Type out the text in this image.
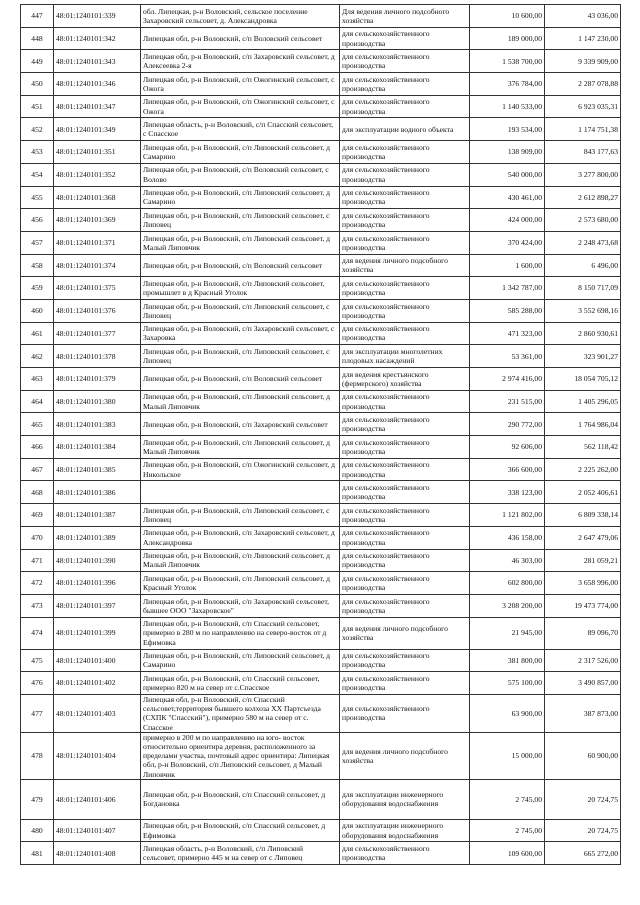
447	48:01:1240101:339	обл. Липецкая, р-н Воловский, сельское поселение Захаровский сельсовет, д. Александровка	Для ведения личного подсобного хозяйства	10 600,00	43 036,00
448	48:01:1240101:342	Липецкая обл, р-н Воловский, с/п Воловский сельсовет	для сельскохозяйственного производства	189 000,00	1 147 230,00
449	48:01:1240101:343	Липецкая обл, р-н Воловский, с/п Захаровский сельсовет, д Алексеевка 2-я	для сельскохозяйственного производства	1 538 700,00	9 339 909,00
450	48:01:1240101:346	Липецкая обл, р-н Воловский, с/п Ожогинский сельсовет, с Ожога	для сельскохозяйственного производства	376 784,00	2 287 078,88
451	48:01:1240101:347	Липецкая обл, р-н Воловский, с/п Ожогинский сельсовет, с Ожога	для сельскохозяйственного производства	1 140 533,00	6 923 035,31
452	48:01:1240101:349	Липецкая область, р-н Воловский, с/п Спасский сельсовет, с Спасское	для эксплуатации водного объекта	193 534,00	1 174 751,38
453	48:01:1240101:351	Липецкая обл, р-н Воловский, с/п Липовский сельсовет, д Самарино	для сельскохозяйственного производства	138 909,00	843 177,63
454	48:01:1240101:352	Липецкая обл, р-н Воловский, с/п Воловский сельсовет, с Волово	для сельскохозяйственного производства	540 000,00	3 277 800,00
455	48:01:1240101:368	Липецкая обл, р-н Воловский, с/п Липовский сельсовет, д Самарино	для сельскохозяйственного производства	430 461,00	2 612 898,27
456	48:01:1240101:369	Липецкая обл, р-н Воловский, с/п Липовский сельсовет, с Липовец	для сельскохозяйственного производства	424 000,00	2 573 680,00
457	48:01:1240101:371	Липецкая обл, р-н Воловский, с/п Липовский сельсовет, д Малый Липовчик	для сельскохозяйственного производства	370 424,00	2 248 473,68
458	48:01:1240101:374	Липецкая обл, р-н Воловский, с/п Воловский сельсовет	для ведения личного подсобного хозяйства	1 600,00	6 496,00
459	48:01:1240101:375	Липецкая обл, р-н Воловский, с/п Липовский сельсовет, промышлет в д Красный Уголок	для сельскохозяйственного производства	1 342 787,00	8 150 717,09
460	48:01:1240101:376	Липецкая обл, р-н Воловский, с/п Липовский сельсовет, с Липовец	для сельскохозяйственного производства	585 288,00	3 552 698,16
461	48:01:1240101:377	Липецкая обл, р-н Воловский, с/п Захаровский сельсовет, с Захаровка	для сельскохозяйственного производства	471 323,00	2 860 930,61
462	48:01:1240101:378	Липецкая обл, р-н Воловский, с/п Липовский сельсовет, с Липовец	для эксплуатации многолетних плодовых насаждений	53 361,00	323 901,27
463	48:01:1240101:379	Липецкая обл, р-н Воловский, с/п Воловский сельсовет	для ведения крестьянского (фермерского) хозяйства	2 974 416,00	18 054 705,12
464	48:01:1240101:380	Липецкая обл, р-н Воловский, с/п Липовский сельсовет, д Малый Липовчик	для сельскохозяйственного производства	231 515,00	1 405 296,05
465	48:01:1240101:383	Липецкая обл, р-н Воловский, с/п Захаровский сельсовет	для сельскохозяйственного производства	290 772,00	1 764 986,04
466	48:01:1240101:384	Липецкая обл, р-н Воловский, с/п Липовский сельсовет, д Малый Липовчик	для сельскохозяйственного производства	92 606,00	562 118,42
467	48:01:1240101:385	Липецкая обл, р-н Воловский, с/п Ожогинский сельсовет, д Никольское	для сельскохозяйственного производства	366 600,00	2 225 262,00
468	48:01:1240101:386		для сельскохозяйственного производства	338 123,00	2 052 406,61
469	48:01:1240101:387	Липецкая обл, р-н Воловский, с/п Липовский сельсовет, с Липовец	для сельскохозяйственного производства	1 121 802,00	6 809 338,14
470	48:01:1240101:389	Липецкая обл, р-н Воловский, с/п Захаровский сельсовет, д Александровка	для сельскохозяйственного производства	436 158,00	2 647 479,06
471	48:01:1240101:390	Липецкая обл, р-н Воловский, с/п Липовский сельсовет, д Малый Липовчик	для сельскохозяйственного производства	46 303,00	281 059,21
472	48:01:1240101:396	Липецкая обл, р-н Воловский, с/п Липовский сельсовет, д Красный Уголок	для сельскохозяйственного производства	602 800,00	3 658 996,00
473	48:01:1240101:397	Липецкая обл, р-н Воловский, с/п Захаровский сельсовет, бывшее ООО "Захаровское"	для сельскохозяйственного производства	3 208 200,00	19 473 774,00
474	48:01:1240101:399	Липецкая обл, р-н Воловский, с/п Спасский сельсовет, примерно в 280 м по направлению на северо-восток от д Ефимовка	для ведения личного подсобного хозяйства	21 945,00	89 096,70
475	48:01:1240101:400	Липецкая обл, р-н Воловский, с/п Липовский сельсовет, д Самарино	для сельскохозяйственного производства	381 800,00	2 317 526,00
476	48:01:1240101:402	Липецкая обл, р-н Воловский, с/п Спасский сельсовет, примерно 820 м на север от с.Спасское	для сельскохозяйственного производства	575 100,00	3 490 857,00
477	48:01:1240101:403	Липецкая обл, р-н Воловский, с/п Спасский сельсовет,территория бывшего колхоза XX Партсъезда (СХПК "Спасский"), примерно 580 м на север от с. Спасское	для сельскохозяйственного производства	63 900,00	387 873,00
478	48:01:1240101:404	примерно в 200 м по направлению на юго- восток относительно ориентира деревня, расположенного за пределами участка, почтовый адрес ориентира: Липецкая обл, р-н Воловский, с/п Липовский сельсовет, д Малый Липовчик	для ведения личного подсобного хозяйства	15 000,00	60 900,00
479	48:01:1240101:406	Липецкая обл, р-н Воловский, с/п Спасский сельсовет, д Богдановка	для эксплуатации инженерного оборудования водоснабжения	2 745,00	20 724,75
480	48:01:1240101:407	Липецкая обл, р-н Воловский, с/п Спасский сельсовет, д Ефимовка	для эксплуатации инженерного оборудования водоснабжения	2 745,00	20 724,75
481	48:01:1240101:408	Липецкая область, р-н Воловский, с/п Липовский сельсовет, примерно 445 м на север от с Липовец	для сельскохозяйственного производства	109 600,00	665 272,00
